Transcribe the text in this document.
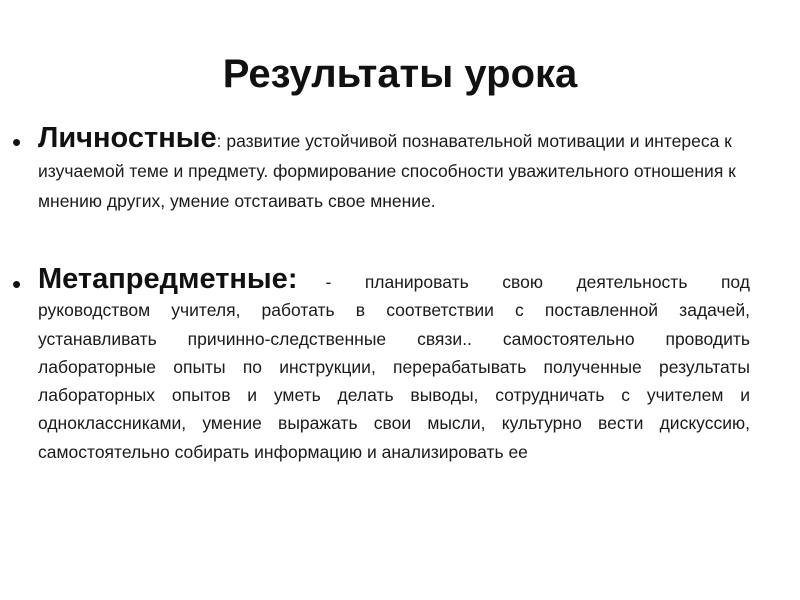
Результаты урока
• Личностные: развитие устойчивой познавательной мотивации и интереса к изучаемой теме и предмету. формирование способности уважительного отношения к мнению других, умение отстаивать свое мнение.
• Метапредметные: - планировать свою деятельность под руководством учителя, работать в соответствии с поставленной задачей, устанавливать причинно-следственные связи.. самостоятельно проводить лабораторные опыты по инструкции, перерабатывать полученные результаты лабораторных опытов и уметь делать выводы, сотрудничать с учителем и одноклассниками, умение выражать свои мысли, культурно вести дискуссию, самостоятельно собирать информацию и анализировать ее
